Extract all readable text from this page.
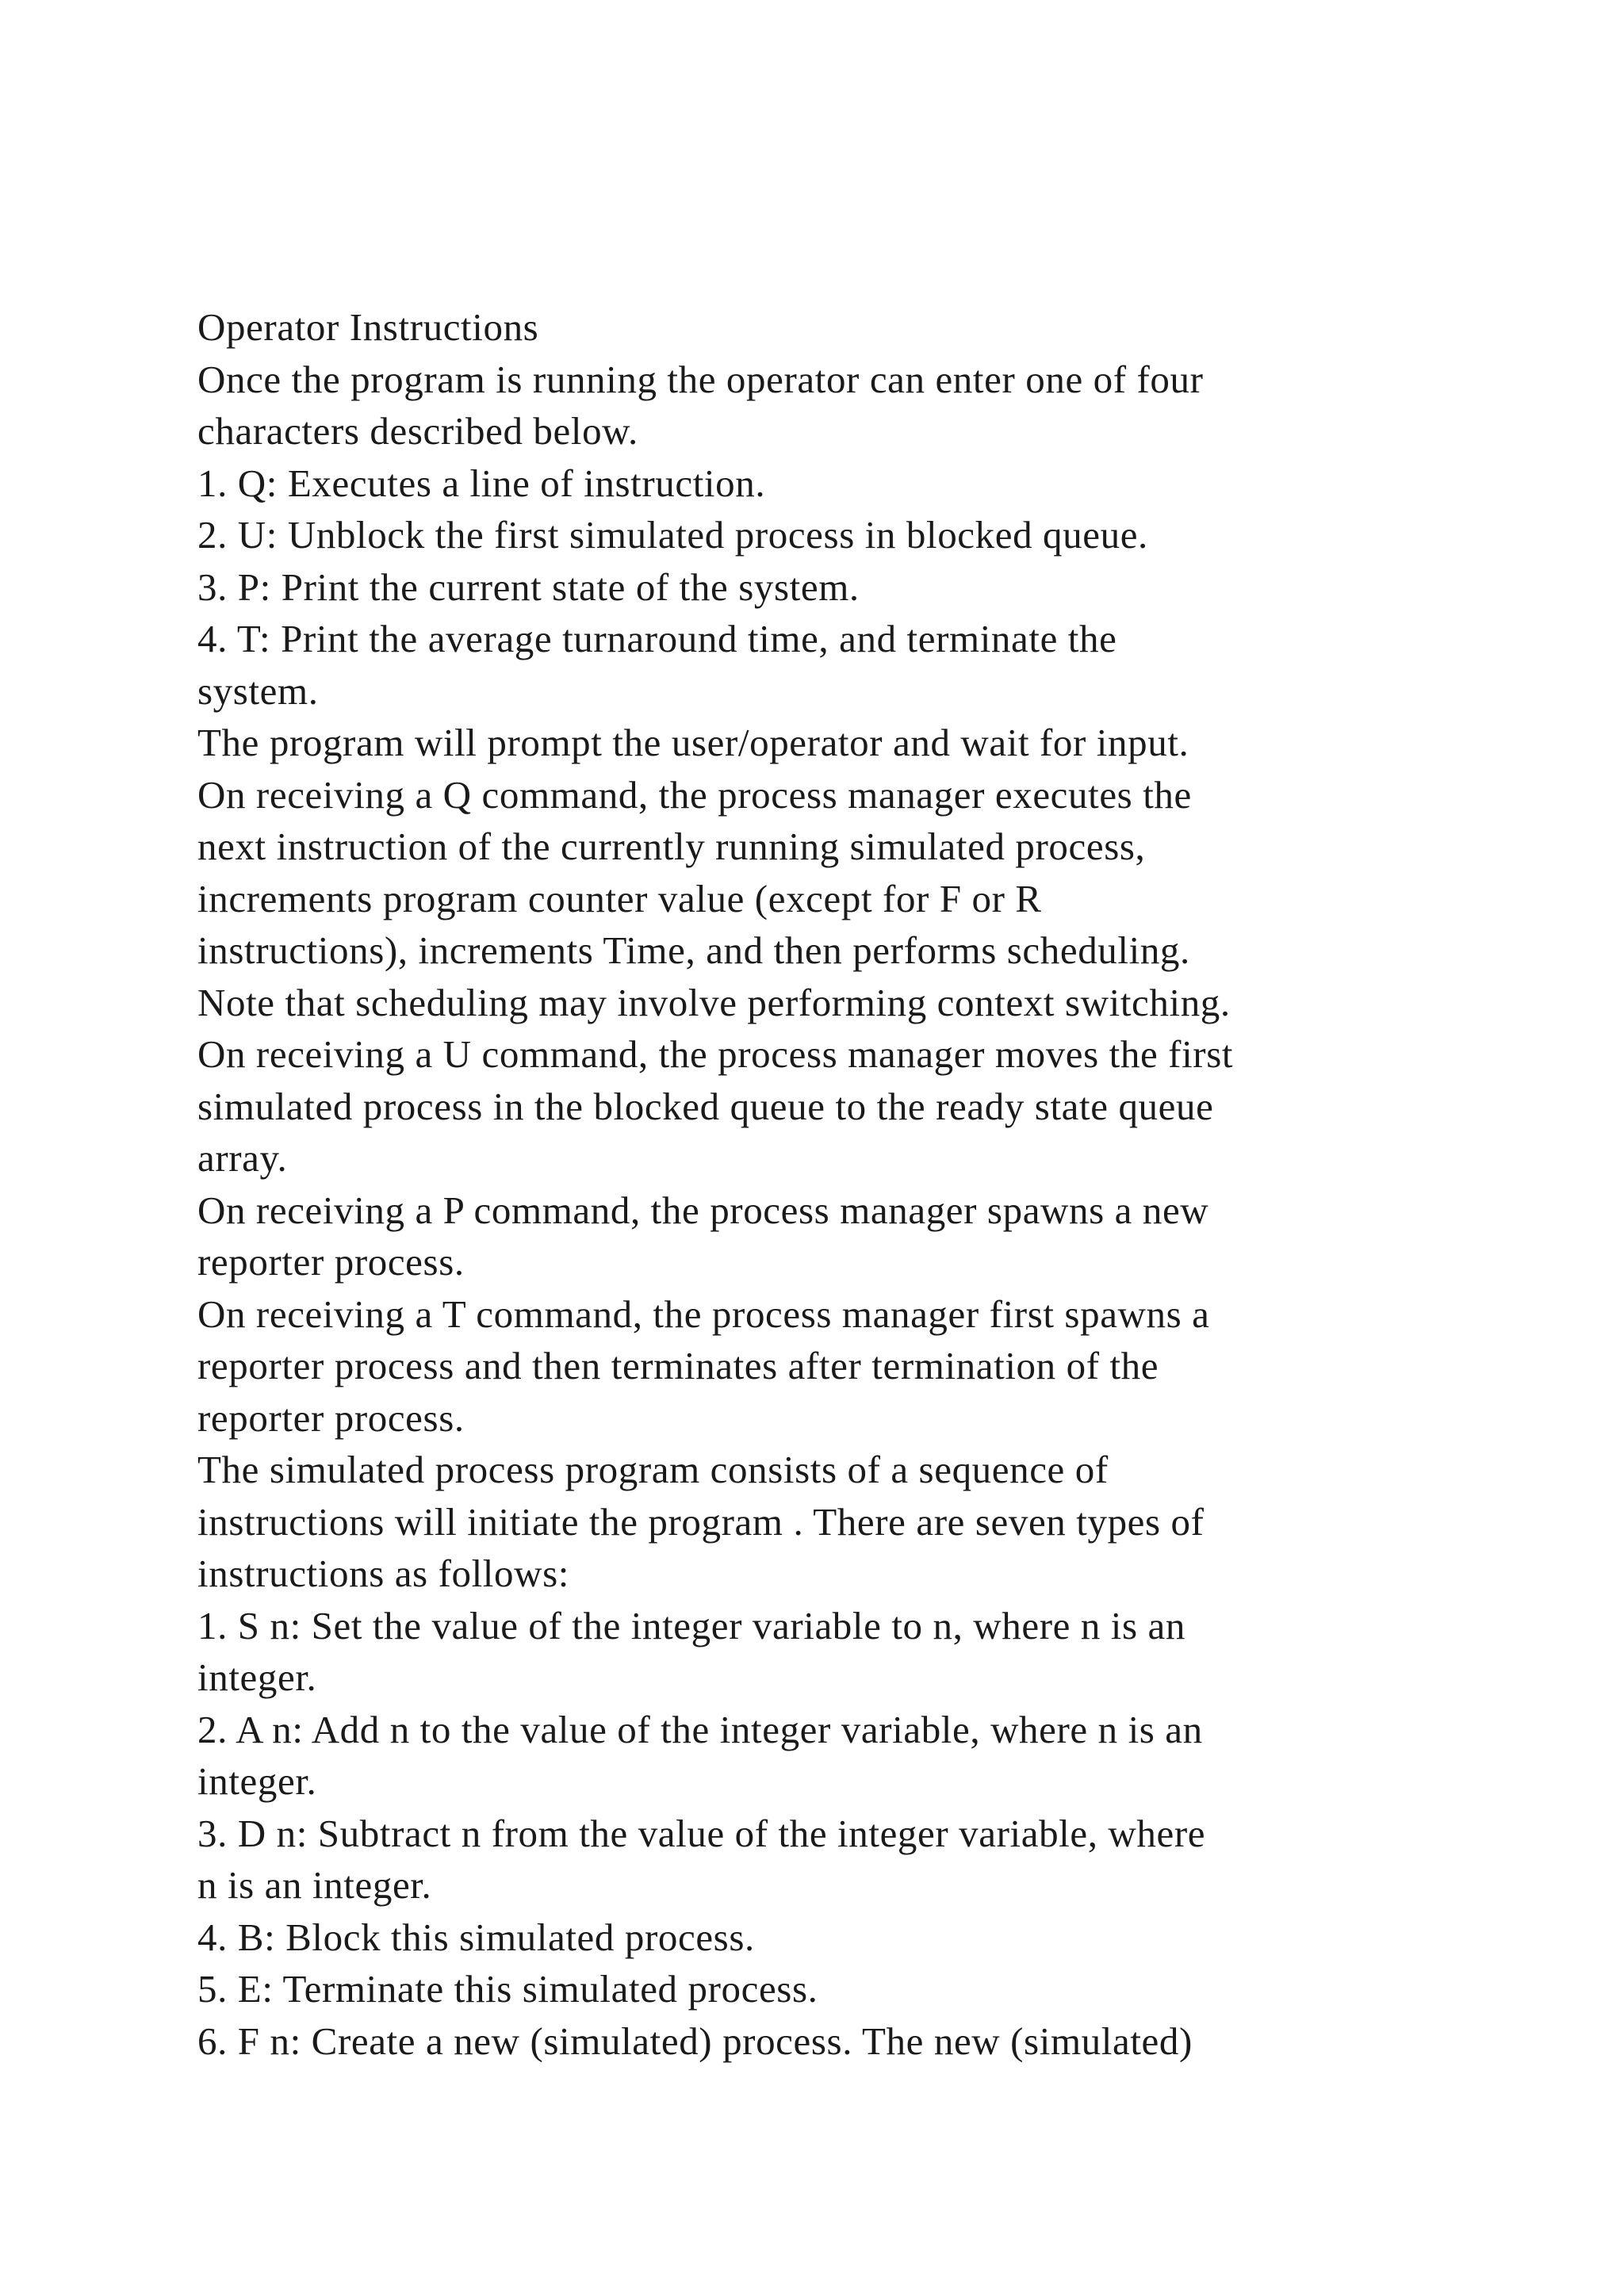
Operator Instructions
Once the program is running the operator can enter one of four
characters described below.
1. Q: Executes a line of instruction.
2. U: Unblock the first simulated process in blocked queue.
3. P: Print the current state of the system.
4. T: Print the average turnaround time, and terminate the
system.
The program will prompt the user/operator and wait for input.
On receiving a Q command, the process manager executes the
next instruction of the currently running simulated process,
increments program counter value (except for F or R
instructions), increments Time, and then performs scheduling.
Note that scheduling may involve performing context switching.
On receiving a U command, the process manager moves the first
simulated process in the blocked queue to the ready state queue
array.
On receiving a P command, the process manager spawns a new
reporter process.
On receiving a T command, the process manager first spawns a
reporter process and then terminates after termination of the
reporter process.
The simulated process program consists of a sequence of
instructions will initiate the program . There are seven types of
instructions as follows:
1. S n: Set the value of the integer variable to n, where n is an
integer.
2. A n: Add n to the value of the integer variable, where n is an
integer.
3. D n: Subtract n from the value of the integer variable, where
n is an integer.
4. B: Block this simulated process.
5. E: Terminate this simulated process.
6. F n: Create a new (simulated) process. The new (simulated)
